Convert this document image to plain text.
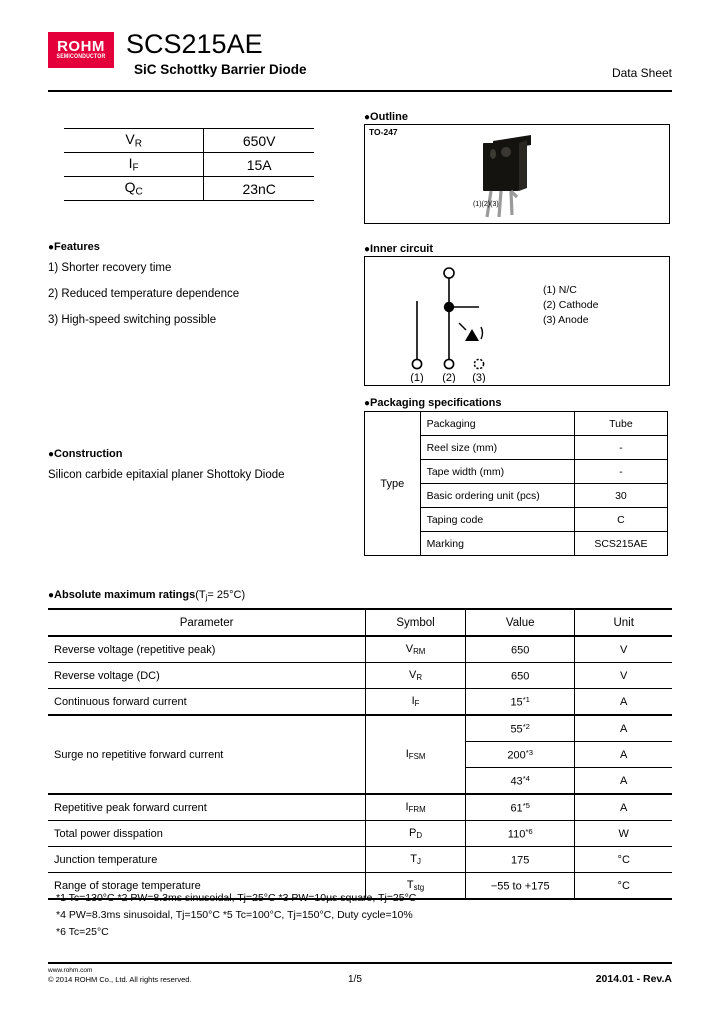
ROHM
SEMICONDUCTOR SCS215AE
SiC Schottky Barrier Diode	Data Sheet
$V_R$	650V
$I_F$	15A
$Q_C$	23nC
●Features
1) Shorter recovery time
2) Reduced temperature dependence
3) High-speed switching possible
●Construction
Silicon carbide epitaxial planer Shottoky Diode
●Outline
TO-247
(1)(2)(3)
●Inner circuit
(1) (2) (3)
(1) N/C
(2) Cathode
(3) Anode
●Packaging specifications
Type	Packaging	Tube
	Reel size (mm)	-
	Tape width (mm)	-
	Basic ordering unit (pcs)	30
	Taping code	C
	Marking	SCS215AE
●Absolute maximum $ratings(T_j= 25^\circ C)$
Parameter	Symbol	Value	Unit
Reverse voltage (repetitive peak)	$V_{RM}$	650	V
Reverse voltage (DC)	$V_R$	650	V
Continuous forward current	$I_F$	15$^{*1}$	A
Surge no repetitive forward current	$I_{FSM}$	55$^{*2}$	A
		200$^{*3}$	A
		43$^{*4}$	A
Repetitive peak forward current	$I_{FRM}$	61$^{*5}$	A
Total power disspation	$P_D$	110$^{*6}$	W
Junction temperature	$T_J$	175	°C
Range of storage temperature	$T_{stg}$	−55 to +175	°C
*1 Tc=130°C *2 PW=8.3ms sinusoidal, Tj=25°C *3 PW=10µs square, Tj=25°C
*4 PW=8.3ms sinusoidal, Tj=150°C *5 Tc=100°C, Tj=150°C, Duty cycle=10%
*6 Tc=25°C
www.rohm.com
© 2014 ROHM Co., Ltd. All rights reserved.	1/5	2014.01 - Rev.A
